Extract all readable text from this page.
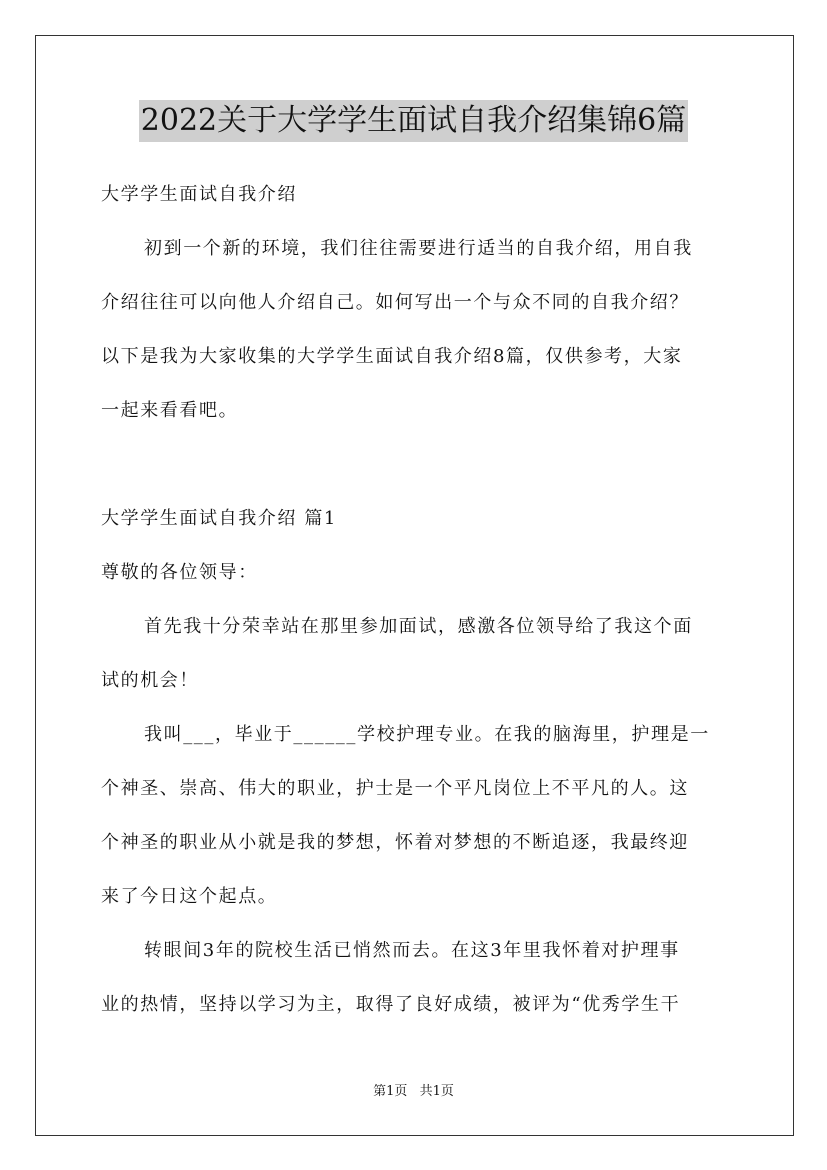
2022关于大学学生面试自我介绍集锦6篇
大学学生面试自我介绍
初到一个新的环境，我们往往需要进行适当的自我介绍，用自我
介绍往往可以向他人介绍自己。如何写出一个与众不同的自我介绍？
以下是我为大家收集的大学学生面试自我介绍8篇，仅供参考，大家
一起来看看吧。
大学学生面试自我介绍 篇1
尊敬的各位领导：
首先我十分荣幸站在那里参加面试，感激各位领导给了我这个面
试的机会！
我叫___，毕业于______学校护理专业。在我的脑海里，护理是一
个神圣、崇高、伟大的职业，护士是一个平凡岗位上不平凡的人。这
个神圣的职业从小就是我的梦想，怀着对梦想的不断追逐，我最终迎
来了今日这个起点。
转眼间3年的院校生活已悄然而去。在这3年里我怀着对护理事
业的热情，坚持以学习为主，取得了良好成绩，被评为“优秀学生干
第1页 共1页
